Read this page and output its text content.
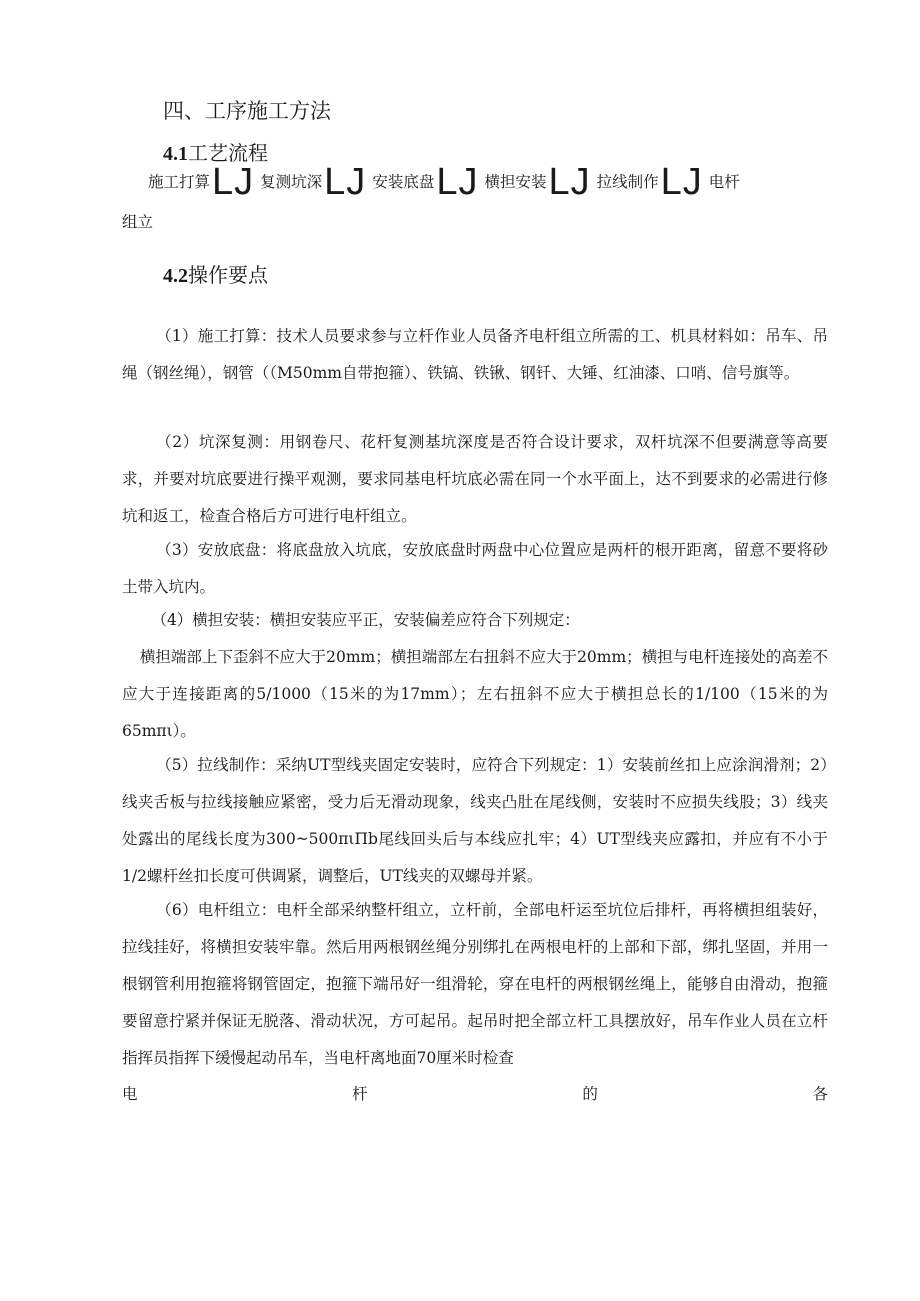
四、工序施工方法
4.1工艺流程
施工打算LJ 复测坑深LJ 安装底盘LJ 横担安装LJ 拉线制作LJ 电杆
组立
4.2操作要点

（1）施工打算：技术人员要求参与立杆作业人员备齐电杆组立所需的工、机具材料如：吊车、吊绳（钢丝绳），钢管（（M50mm自带抱箍）、铁镐、铁锹、钢钎、大锤、红油漆、口哨、信号旗等。

（2）坑深复测：用钢卷尺、花杆复测基坑深度是否符合设计要求，双杆坑深不但要满意等高要求，并要对坑底要进行操平观测，要求同基电杆坑底必需在同一个水平面上，达不到要求的必需进行修坑和返工，检查合格后方可进行电杆组立。

（3）安放底盘：将底盘放入坑底，安放底盘时两盘中心位置应是两杆的根开距离，留意不要将砂土带入坑内。

（4）横担安装：横担安装应平正，安装偏差应符合下列规定：

横担端部上下歪斜不应大于20mm；横担端部左右扭斜不应大于20mm；横担与电杆连接处的高差不应大于连接距离的5/1000（15米的为17mm）；左右扭斜不应大于横担总长的1/100（15米的为65mπι）。

（5）拉线制作：采纳UT型线夹固定安装时，应符合下列规定：1）安装前丝扣上应涂润滑剂；2）线夹舌板与拉线接触应紧密，受力后无滑动现象，线夹凸肚在尾线侧，安装时不应损失线股；3）线夹处露出的尾线长度为300~500πιΠb尾线回头后与本线应扎牢；4）UT型线夹应露扣，并应有不小于1/2螺杆丝扣长度可供调紧，调整后，UT线夹的双螺母并紧。

（6）电杆组立：电杆全部采纳整杆组立，立杆前，全部电杆运至坑位后排杆，再将横担组装好，拉线挂好，将横担安装牢靠。然后用两根钢丝绳分别绑扎在两根电杆的上部和下部，绑扎坚固，并用一根钢管利用抱箍将钢管固定，抱箍下端吊好一组滑轮，穿在电杆的两根钢丝绳上，能够自由滑动，抱箍要留意拧紧并保证无脱落、滑动状况，方可起吊。起吊时把全部立杆工具摆放好，吊车作业人员在立杆指挥员指挥下缓慢起动吊车，当电杆离地面70厘米时检查

电	杆	的	各
